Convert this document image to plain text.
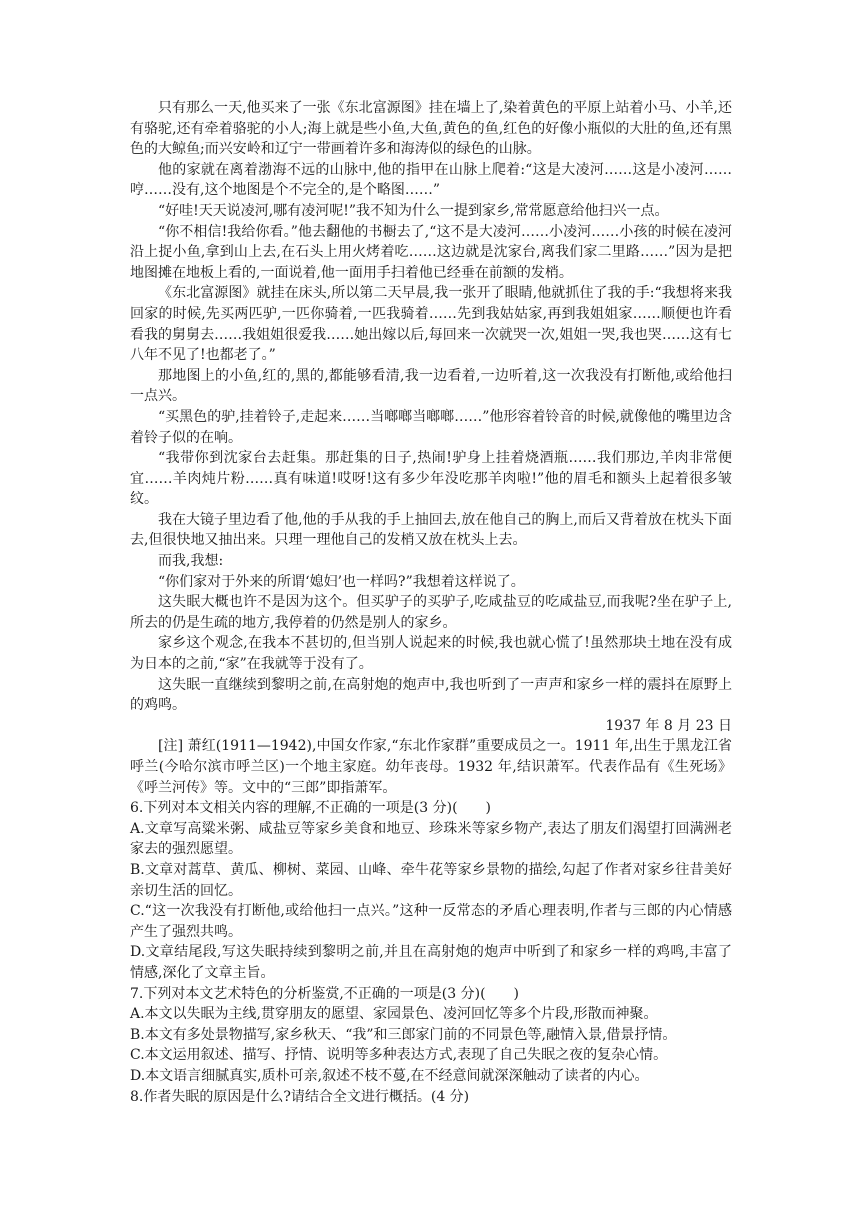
只有那么一天,他买来了一张《东北富源图》挂在墙上了,染着黄色的平原上站着小马、小羊,还有骆驼,还有牵着骆驼的小人;海上就是些小鱼,大鱼,黄色的鱼,红色的好像小瓶似的大肚的鱼,还有黑色的大鲸鱼;而兴安岭和辽宁一带画着许多和海涛似的绿色的山脉。

他的家就在离着渤海不远的山脉中,他的指甲在山脉上爬着:“这是大凌河……这是小凌河……哼……没有,这个地图是个不完全的,是个略图……”

“好哇!天天说凌河,哪有凌河呢!”我不知为什么一提到家乡,常常愿意给他扫兴一点。

“你不相信!我给你看。”他去翻他的书橱去了,“这不是大凌河……小凌河……小孩的时候在凌河沿上捉小鱼,拿到山上去,在石头上用火烤着吃……这边就是沈家台,离我们家二里路……”因为是把地图摊在地板上看的,一面说着,他一面用手扫着他已经垂在前额的发梢。

《东北富源图》就挂在床头,所以第二天早晨,我一张开了眼睛,他就抓住了我的手:“我想将来我回家的时候,先买两匹驴,一匹你骑着,一匹我骑着……先到我姑姑家,再到我姐姐家……顺便也许看看我的舅舅去……我姐姐很爱我……她出嫁以后,每回来一次就哭一次,姐姐一哭,我也哭……这有七八年不见了!也都老了。”

那地图上的小鱼,红的,黑的,都能够看清,我一边看着,一边听着,这一次我没有打断他,或给他扫一点兴。

“买黑色的驴,挂着铃子,走起来……当啷啷当啷啷……”他形容着铃音的时候,就像他的嘴里边含着铃子似的在响。

“我带你到沈家台去赶集。那赶集的日子,热闹!驴身上挂着烧酒瓶……我们那边,羊肉非常便宜……羊肉炖片粉……真有味道!哎呀!这有多少年没吃那羊肉啦!”他的眉毛和额头上起着很多皱纹。

我在大镜子里边看了他,他的手从我的手上抽回去,放在他自己的胸上,而后又背着放在枕头下面去,但很快地又抽出来。只理一理他自己的发梢又放在枕头上去。

而我,我想:

“你们家对于外来的所谓‘媳妇’也一样吗?”我想着这样说了。

这失眠大概也许不是因为这个。但买驴子的买驴子,吃咸盐豆的吃咸盐豆,而我呢?坐在驴子上,所去的仍是生疏的地方,我停着的仍然是别人的家乡。

家乡这个观念,在我本不甚切的,但当别人说起来的时候,我也就心慌了!虽然那块土地在没有成为日本的之前,“家”在我就等于没有了。

这失眠一直继续到黎明之前,在高射炮的炮声中,我也听到了一声声和家乡一样的震抖在原野上的鸡鸣。

1937 年 8 月 23 日

[注] 萧红(1911—1942),中国女作家,“东北作家群”重要成员之一。1911 年,出生于黑龙江省呼兰(今哈尔滨市呼兰区)一个地主家庭。幼年丧母。1932 年,结识萧军。代表作品有《生死场》《呼兰河传》等。文中的“三郎”即指萧军。

6.下列对本文相关内容的理解,不正确的一项是(3 分)(　　)

A.文章写高粱米粥、咸盐豆等家乡美食和地豆、珍珠米等家乡物产,表达了朋友们渴望打回满洲老家去的强烈愿望。

B.文章对蒿草、黄瓜、柳树、菜园、山峰、牵牛花等家乡景物的描绘,勾起了作者对家乡往昔美好亲切生活的回忆。

C.“这一次我没有打断他,或给他扫一点兴。”这种一反常态的矛盾心理表明,作者与三郎的内心情感产生了强烈共鸣。

D.文章结尾段,写这失眠持续到黎明之前,并且在高射炮的炮声中听到了和家乡一样的鸡鸣,丰富了情感,深化了文章主旨。

7.下列对本文艺术特色的分析鉴赏,不正确的一项是(3 分)(　　)

A.本文以失眠为主线,贯穿朋友的愿望、家园景色、凌河回忆等多个片段,形散而神聚。

B.本文有多处景物描写,家乡秋天、“我”和三郎家门前的不同景色等,融情入景,借景抒情。

C.本文运用叙述、描写、抒情、说明等多种表达方式,表现了自己失眠之夜的复杂心情。

D.本文语言细腻真实,质朴可亲,叙述不枝不蔓,在不经意间就深深触动了读者的内心。

8.作者失眠的原因是什么?请结合全文进行概括。(4 分)
